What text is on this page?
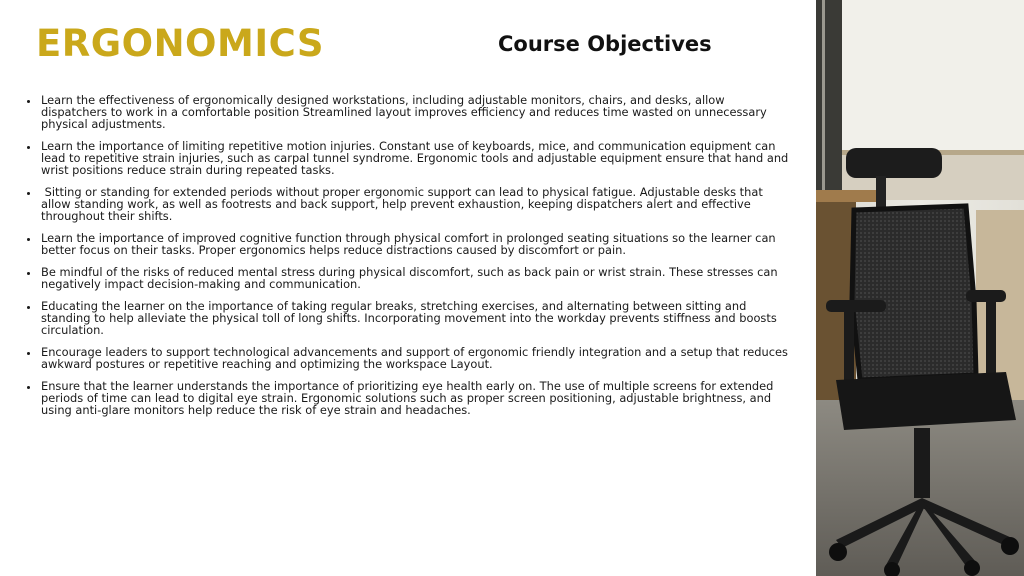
ERGONOMICS	Course Objectives
• Learn the effectiveness of ergonomically designed workstations, including adjustable monitors, chairs, and desks, allow dispatchers to work in a comfortable position Streamlined layout improves efficiency and reduces time wasted on unnecessary physical adjustments.
• Learn the importance of limiting repetitive motion injuries. Constant use of keyboards, mice, and communication equipment can lead to repetitive strain injuries, such as carpal tunnel syndrome. Ergonomic tools and adjustable equipment ensure that hand and wrist positions reduce strain during repeated tasks.
•  Sitting or standing for extended periods without proper ergonomic support can lead to physical fatigue. Adjustable desks that allow standing work, as well as footrests and back support, help prevent exhaustion, keeping dispatchers alert and effective throughout their shifts.
• Learn the importance of improved cognitive function through physical comfort in prolonged seating situations so the learner can better focus on their tasks. Proper ergonomics helps reduce distractions caused by discomfort or pain.
• Be mindful of the risks of reduced mental stress during physical discomfort, such as back pain or wrist strain. These stresses can negatively impact decision-making and communication.
• Educating the learner on the importance of taking regular breaks, stretching exercises, and alternating between sitting and standing to help alleviate the physical toll of long shifts. Incorporating movement into the workday prevents stiffness and boosts circulation.
• Encourage leaders to support technological advancements and support of ergonomic friendly integration and a setup that reduces awkward postures or repetitive reaching and optimizing the workspace Layout.
• Ensure that the learner understands the importance of prioritizing eye health early on. The use of multiple screens for extended periods of time can lead to digital eye strain. Ergonomic solutions such as proper screen positioning, adjustable brightness, and using anti-glare monitors help reduce the risk of eye strain and headaches.
